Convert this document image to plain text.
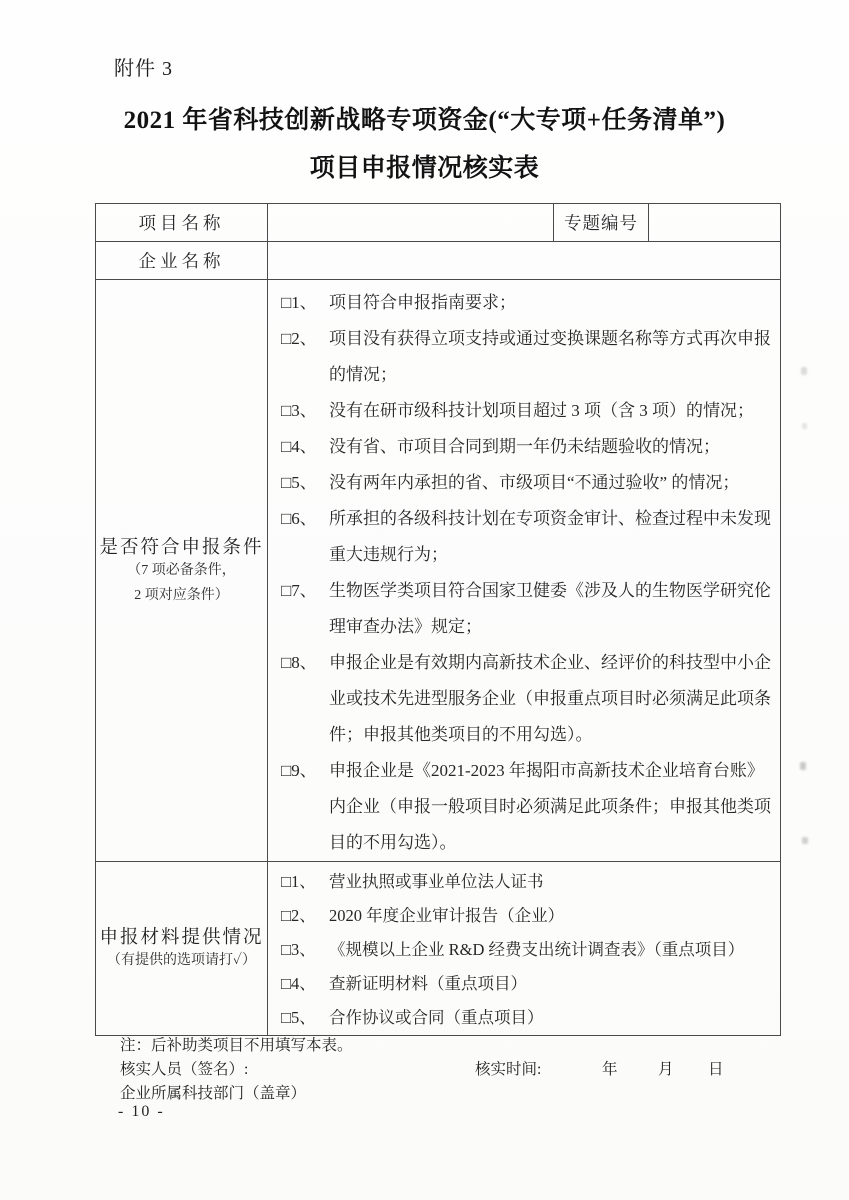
附件 3
2021 年省科技创新战略专项资金(“大专项+任务清单”)
项目申报情况核实表
项目名称		专题编号	
企业名称			

是否符合申报条件
（7 项必备条件，
2 项对应条件）

□1、 项目符合申报指南要求；
□2、 项目没有获得立项支持或通过变换课题名称等方式再次申报的情况；
□3、 没有在研市级科技计划项目超过 3 项（含 3 项）的情况；
□4、 没有省、市项目合同到期一年仍未结题验收的情况；
□5、 没有两年内承担的省、市级项目“不通过验收” 的情况；
□6、 所承担的各级科技计划在专项资金审计、检查过程中未发现重大违规行为；
□7、 生物医学类项目符合国家卫健委《涉及人的生物医学研究伦理审查办法》规定；
□8、 申报企业是有效期内高新技术企业、经评价的科技型中小企业或技术先进型服务企业（申报重点项目时必须满足此项条件；申报其他类项目的不用勾选）。
□9、 申报企业是《2021-2023 年揭阳市高新技术企业培育台账》内企业（申报一般项目时必须满足此项条件；申报其他类项目的不用勾选）。

申报材料提供情况
（有提供的选项请打✓）

□1、 营业执照或事业单位法人证书
□2、 2020 年度企业审计报告（企业）
□3、 《规模以上企业 R&D 经费支出统计调查表》（重点项目）
□4、 查新证明材料（重点项目）
□5、 合作协议或合同（重点项目）
注：后补助类项目不用填写本表。
核实人员（签名）:	核实时间:	年	月 日
企业所属科技部门（盖章）
- 10 -
